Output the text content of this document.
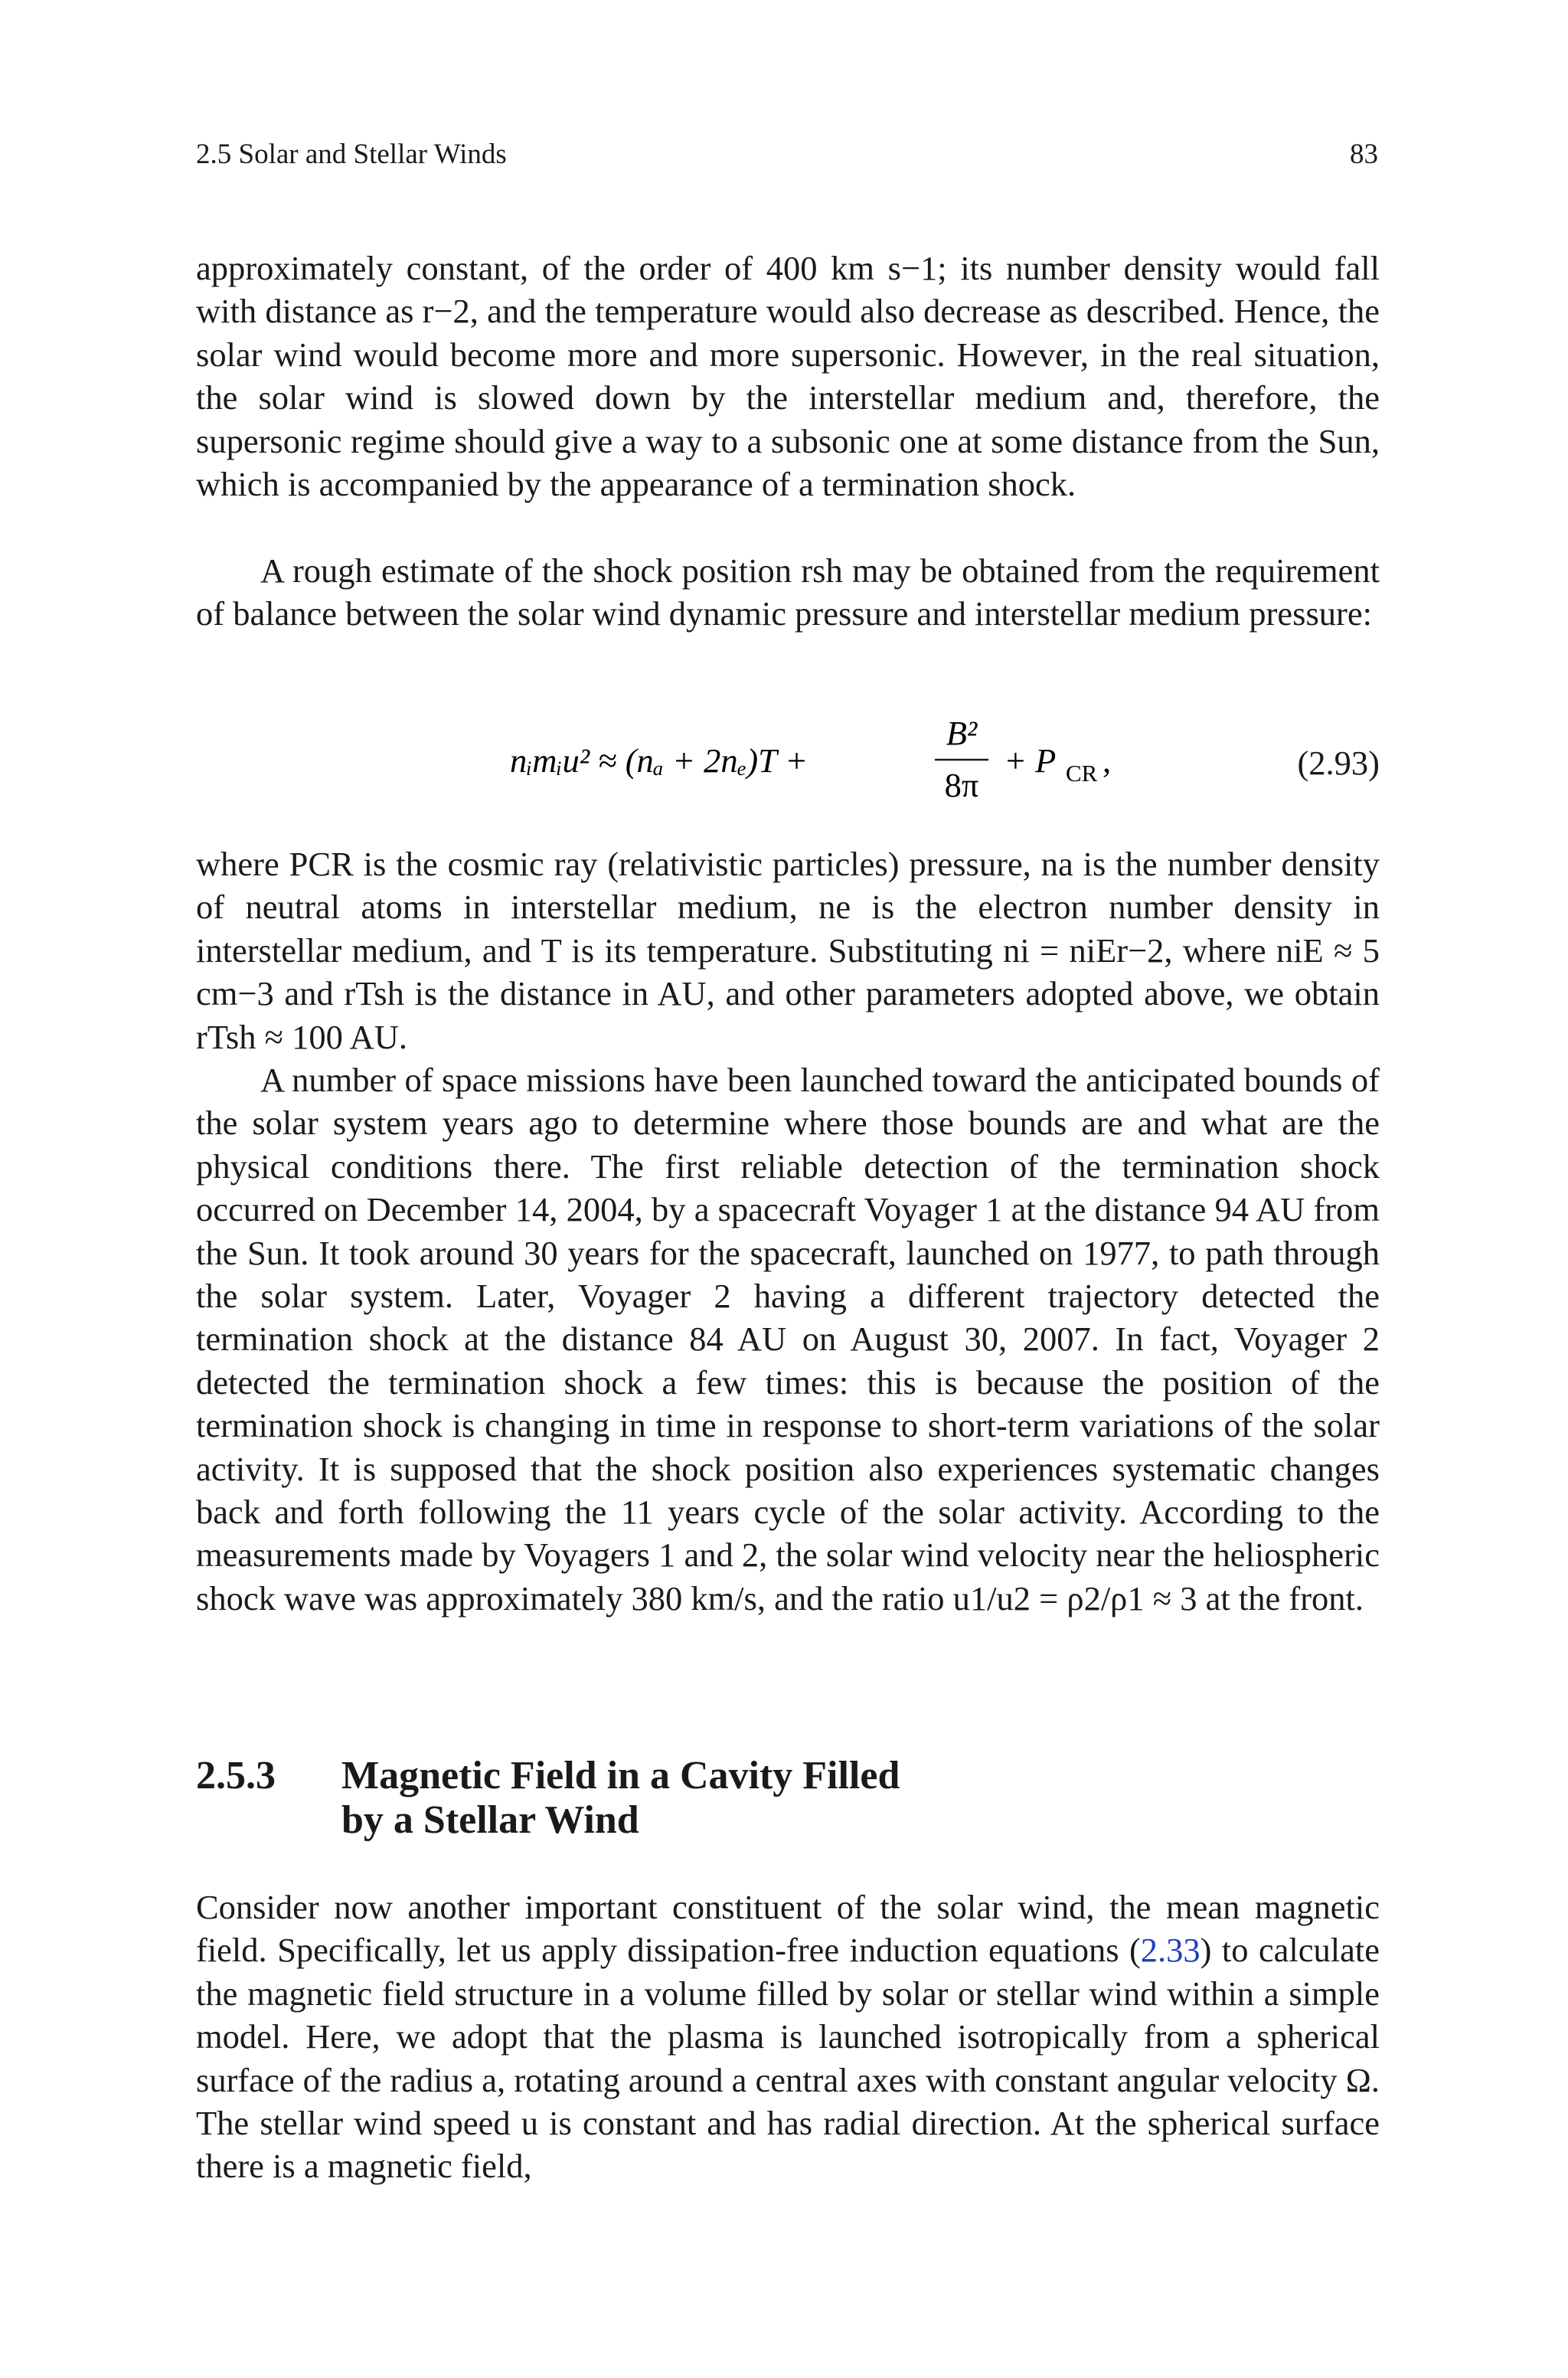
2.5 Solar and Stellar Winds	83

approximately constant, of the order of 400 km s−1; its number density would fall with distance as r−2, and the temperature would also decrease as described. Hence, the solar wind would become more and more supersonic. However, in the real situation, the solar wind is slowed down by the interstellar medium and, therefore, the supersonic regime should give a way to a subsonic one at some distance from the Sun, which is accompanied by the appearance of a termination shock.

A rough estimate of the shock position rsh may be obtained from the requirement of balance between the solar wind dynamic pressure and interstellar medium pressure:

nᵢmᵢu² ≈ (nₐ + 2nₑ)T +
B²
8π
+ P CR ,	(2.93)

where PCR is the cosmic ray (relativistic particles) pressure, na is the number density of neutral atoms in interstellar medium, ne is the electron number density in interstellar medium, and T is its temperature. Substituting ni = niEr−2, where niE ≈ 5 cm−3 and rTsh is the distance in AU, and other parameters adopted above, we obtain rTsh ≈ 100 AU.

A number of space missions have been launched toward the anticipated bounds of the solar system years ago to determine where those bounds are and what are the physical conditions there. The first reliable detection of the termination shock occurred on December 14, 2004, by a spacecraft Voyager 1 at the distance 94 AU from the Sun. It took around 30 years for the spacecraft, launched on 1977, to path through the solar system. Later, Voyager 2 having a different trajectory detected the termination shock at the distance 84 AU on August 30, 2007. In fact, Voyager 2 detected the termination shock a few times: this is because the position of the termination shock is changing in time in response to short-term variations of the solar activity. It is supposed that the shock position also experiences systematic changes back and forth following the 11 years cycle of the solar activity. According to the measurements made by Voyagers 1 and 2, the solar wind velocity near the heliospheric shock wave was approximately 380 km/s, and the ratio u1/u2 = ρ2/ρ1 ≈ 3 at the front.

2.5.3 Magnetic Field in a Cavity Filled
by a Stellar Wind

Consider now another important constituent of the solar wind, the mean magnetic field. Specifically, let us apply dissipation-free induction equations (2.33) to calculate the magnetic field structure in a volume filled by solar or stellar wind within a simple model. Here, we adopt that the plasma is launched isotropically from a spherical surface of the radius a, rotating around a central axes with constant angular velocity Ω. The stellar wind speed u is constant and has radial direction. At the spherical surface there is a magnetic field,
